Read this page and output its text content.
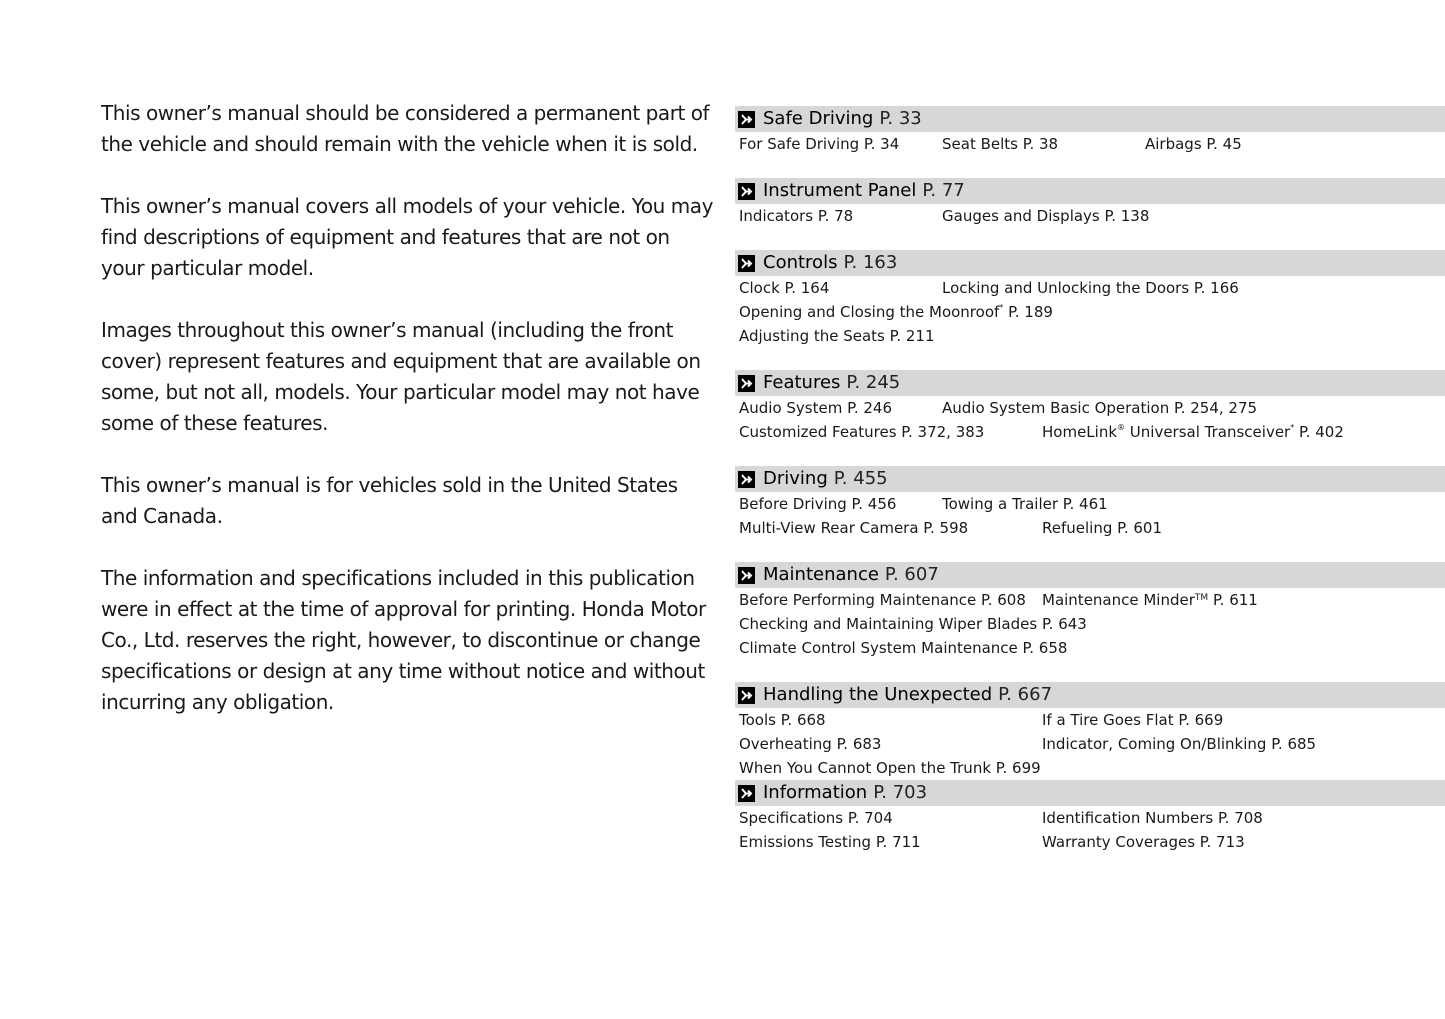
This owner’s manual should be considered a permanent part of the vehicle and should remain with the vehicle when it is sold.

This owner’s manual covers all models of your vehicle. You may find descriptions of equipment and features that are not on your particular model.

Images throughout this owner’s manual (including the front cover) represent features and equipment that are available on some, but not all, models. Your particular model may not have some of these features.

This owner’s manual is for vehicles sold in the United States and Canada.

The information and specifications included in this publication were in effect at the time of approval for printing. Honda Motor Co., Ltd. reserves the right, however, to discontinue or change specifications or design at any time without notice and without incurring any obligation.

Safe Driving P. 33
For Safe Driving P. 34	Seat Belts P. 38	Airbags P. 45
Instrument Panel P. 77
Indicators P. 78	Gauges and Displays P. 138
Controls P. 163
Clock P. 164	Locking and Unlocking the Doors P. 166
Opening and Closing the Moonroof* P. 189
Adjusting the Seats P. 211
Features P. 245
Audio System P. 246	Audio System Basic Operation P. 254, 275
Customized Features P. 372, 383	HomeLink® Universal Transceiver* P. 402
Driving P. 455
Before Driving P. 456	Towing a Trailer P. 461
Multi-View Rear Camera P. 598	Refueling P. 601
Maintenance P. 607
Before Performing Maintenance P. 608	Maintenance Minder™ P. 611
Checking and Maintaining Wiper Blades P. 643
Climate Control System Maintenance P. 658
Handling the Unexpected P. 667
Tools P. 668	If a Tire Goes Flat P. 669
Overheating P. 683	Indicator, Coming On/Blinking P. 685
When You Cannot Open the Trunk P. 699
Information P. 703
Specifications P. 704	Identification Numbers P. 708
Emissions Testing P. 711	Warranty Coverages P. 713
